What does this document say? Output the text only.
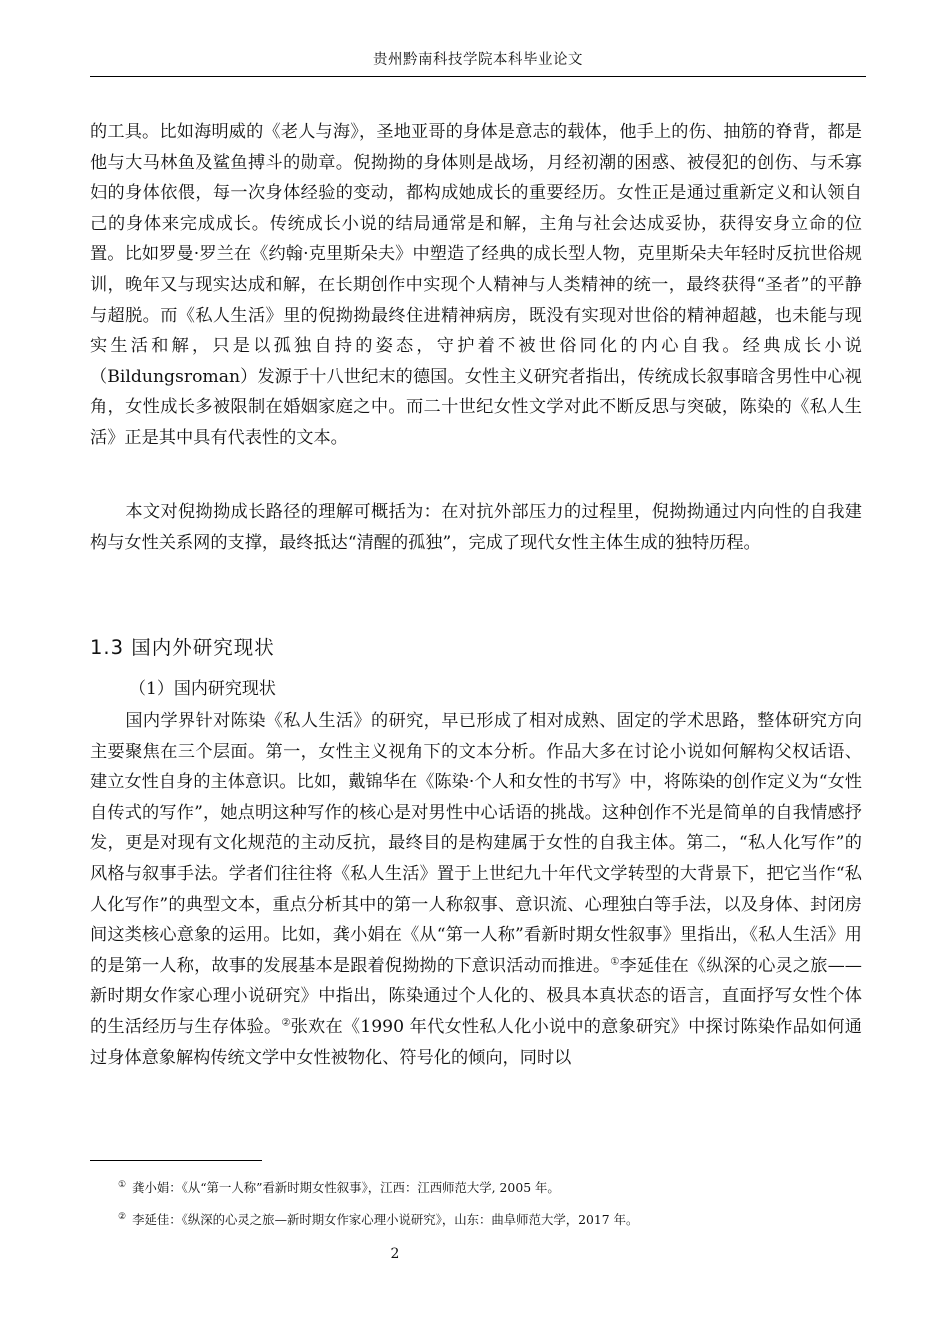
贵州黔南科技学院本科毕业论文

的工具。比如海明威的《老人与海》，圣地亚哥的身体是意志的载体，他手上的伤、抽筋的脊背，都是他与大马林鱼及鲨鱼搏斗的勋章。倪拗拗的身体则是战场，月经初潮的困惑、被侵犯的创伤、与禾寡妇的身体依偎，每一次身体经验的变动，都构成她成长的重要经历。女性正是通过重新定义和认领自己的身体来完成成长。传统成长小说的结局通常是和解，主角与社会达成妥协，获得安身立命的位置。比如罗曼·罗兰在《约翰·克里斯朵夫》中塑造了经典的成长型人物，克里斯朵夫年轻时反抗世俗规训，晚年又与现实达成和解，在长期创作中实现个人精神与人类精神的统一，最终获得“圣者”的平静与超脱。而《私人生活》里的倪拗拗最终住进精神病房，既没有实现对世俗的精神超越，也未能与现实生活和解，只是以孤独自持的姿态，守护着不被世俗同化的内心自我。经典成长小说（Bildungsroman）发源于十八世纪末的德国。女性主义研究者指出，传统成长叙事暗含男性中心视角，女性成长多被限制在婚姻家庭之中。而二十世纪女性文学对此不断反思与突破，陈染的《私人生活》正是其中具有代表性的文本。

本文对倪拗拗成长路径的理解可概括为：在对抗外部压力的过程里，倪拗拗通过内向性的自我建构与女性关系网的支撑，最终抵达“清醒的孤独”，完成了现代女性主体生成的独特历程。

1.3 国内外研究现状

（1）国内研究现状

国内学界针对陈染《私人生活》的研究，早已形成了相对成熟、固定的学术思路，整体研究方向主要聚焦在三个层面。第一，女性主义视角下的文本分析。作品大多在讨论小说如何解构父权话语、建立女性自身的主体意识。比如，戴锦华在《陈染·个人和女性的书写》中，将陈染的创作定义为“女性自传式的写作”，她点明这种写作的核心是对男性中心话语的挑战。这种创作不光是简单的自我情感抒发，更是对现有文化规范的主动反抗，最终目的是构建属于女性的自我主体。第二，“私人化写作”的风格与叙事手法。学者们往往将《私人生活》置于上世纪九十年代文学转型的大背景下，把它当作“私人化写作”的典型文本，重点分析其中的第一人称叙事、意识流、心理独白等手法，以及身体、封闭房间这类核心意象的运用。比如，龚小娟在《从“第一人称”看新时期女性叙事》里指出，《私人生活》用的是第一人称，故事的发展基本是跟着倪拗拗的下意识活动而推进。①李延佳在《纵深的心灵之旅——新时期女作家心理小说研究》中指出，陈染通过个人化的、极具本真状态的语言，直面抒写女性个体的生活经历与生存体验。②张欢在《1990 年代女性私人化小说中的意象研究》中探讨陈染作品如何通过身体意象解构传统文学中女性被物化、符号化的倾向，同时以

① 龚小娟：《从“第一人称”看新时期女性叙事》，江西：江西师范大学, 2005 年。

② 李延佳：《纵深的心灵之旅—新时期女作家心理小说研究》，山东：曲阜师范大学，2017 年。

2
